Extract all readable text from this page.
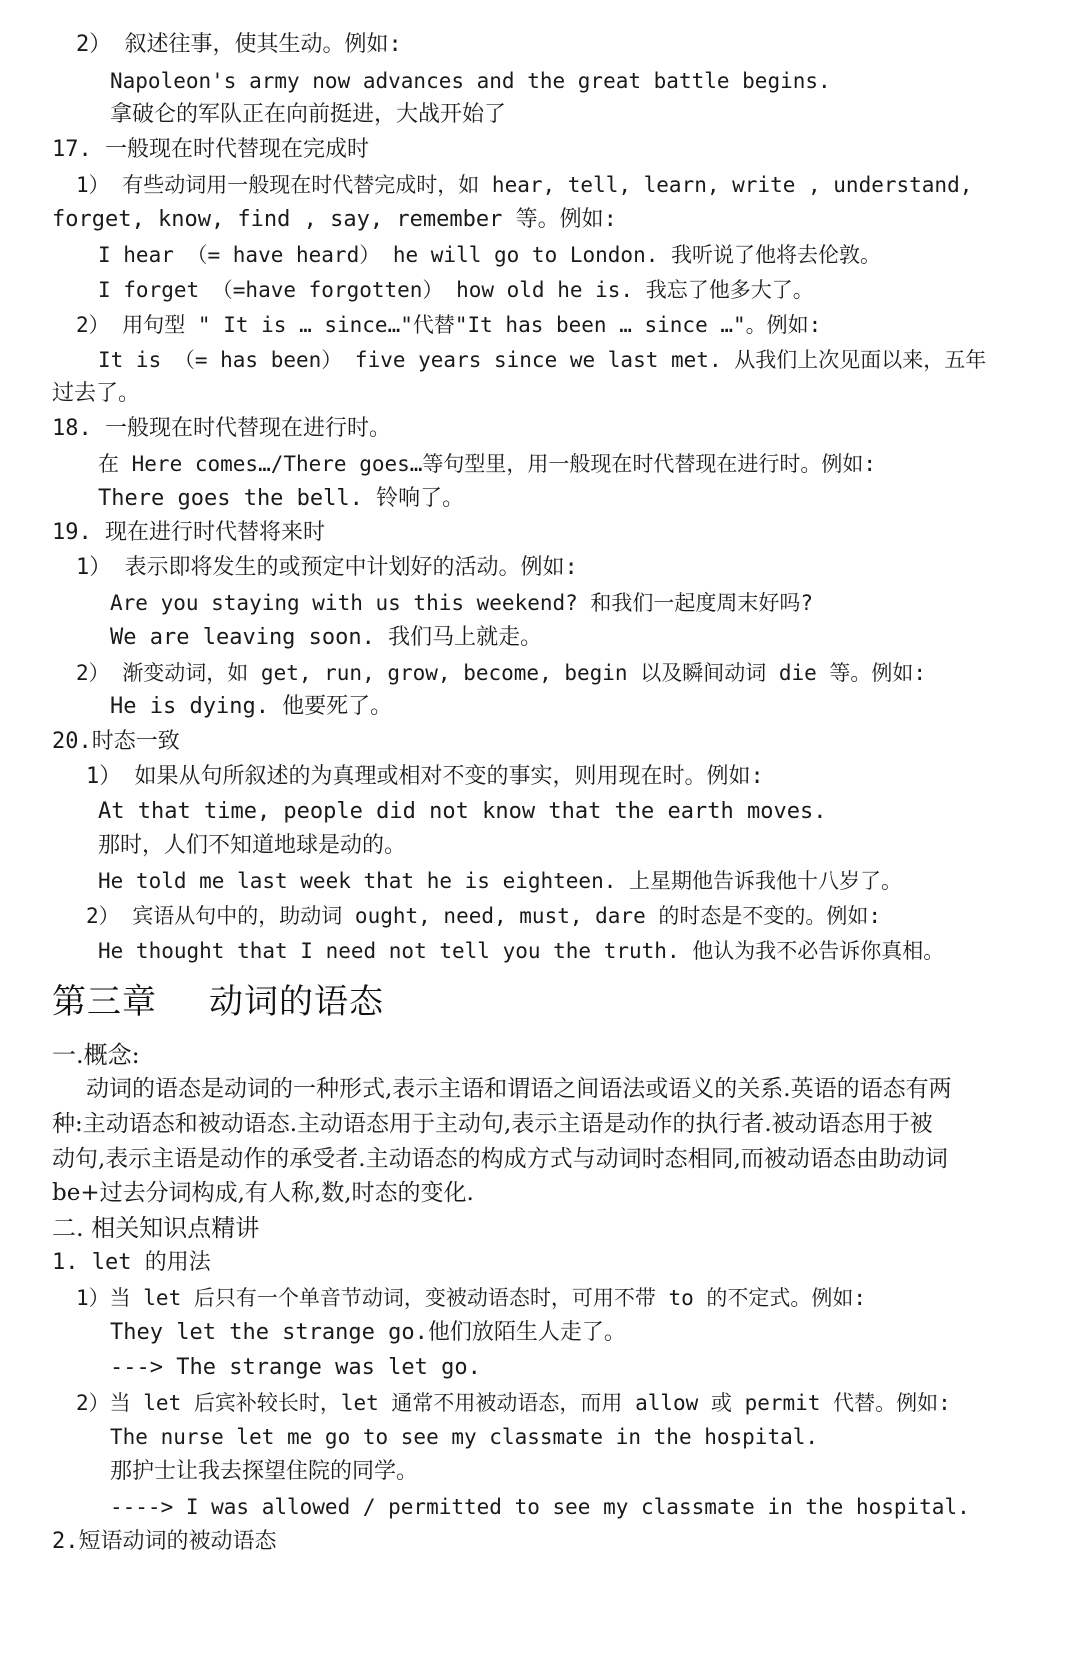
2） 叙述往事，使其生动。例如:
Napoleon's army now advances and the great battle begins.
拿破仑的军队正在向前挺进，大战开始了
17. 一般现在时代替现在完成时
1） 有些动词用一般现在时代替完成时，如 hear, tell, learn, write , understand,
forget, know, find , say, remember 等。例如:
I hear （= have heard） he will go to London. 我听说了他将去伦敦。
I forget （=have forgotten） how old he is. 我忘了他多大了。
2） 用句型 " It is … since…"代替"It has been … since …"。例如:
It is （= has been） five years since we last met. 从我们上次见面以来，五年
过去了。
18. 一般现在时代替现在进行时。
在 Here comes…/There goes…等句型里，用一般现在时代替现在进行时。例如:
There goes the bell. 铃响了。
19. 现在进行时代替将来时
1） 表示即将发生的或预定中计划好的活动。例如:
Are you staying with us this weekend? 和我们一起度周末好吗?
We are leaving soon. 我们马上就走。
2） 渐变动词，如 get, run, grow, become, begin 以及瞬间动词 die 等。例如:
He is dying. 他要死了。
20.时态一致
1） 如果从句所叙述的为真理或相对不变的事实，则用现在时。例如:
At that time, people did not know that the earth moves.
那时，人们不知道地球是动的。
He told me last week that he is eighteen. 上星期他告诉我他十八岁了。
2） 宾语从句中的，助动词 ought, need, must, dare 的时态是不变的。例如:
He thought that I need not tell you the truth. 他认为我不必告诉你真相。
第三章 动词的语态
一.概念:
动词的语态是动词的一种形式,表示主语和谓语之间语法或语义的关系.英语的语态有两
种:主动语态和被动语态.主动语态用于主动句,表示主语是动作的执行者.被动语态用于被
动句,表示主语是动作的承受者.主动语态的构成方式与动词时态相同,而被动语态由助动词
be+过去分词构成,有人称,数,时态的变化.
二. 相关知识点精讲
1. let 的用法
1）当 let 后只有一个单音节动词，变被动语态时，可用不带 to 的不定式。例如:
They let the strange go.他们放陌生人走了。
---> The strange was let go.
2）当 let 后宾补较长时，let 通常不用被动语态，而用 allow 或 permit 代替。例如:
The nurse let me go to see my classmate in the hospital.
那护士让我去探望住院的同学。
----> I was allowed / permitted to see my classmate in the hospital.
2.短语动词的被动语态
